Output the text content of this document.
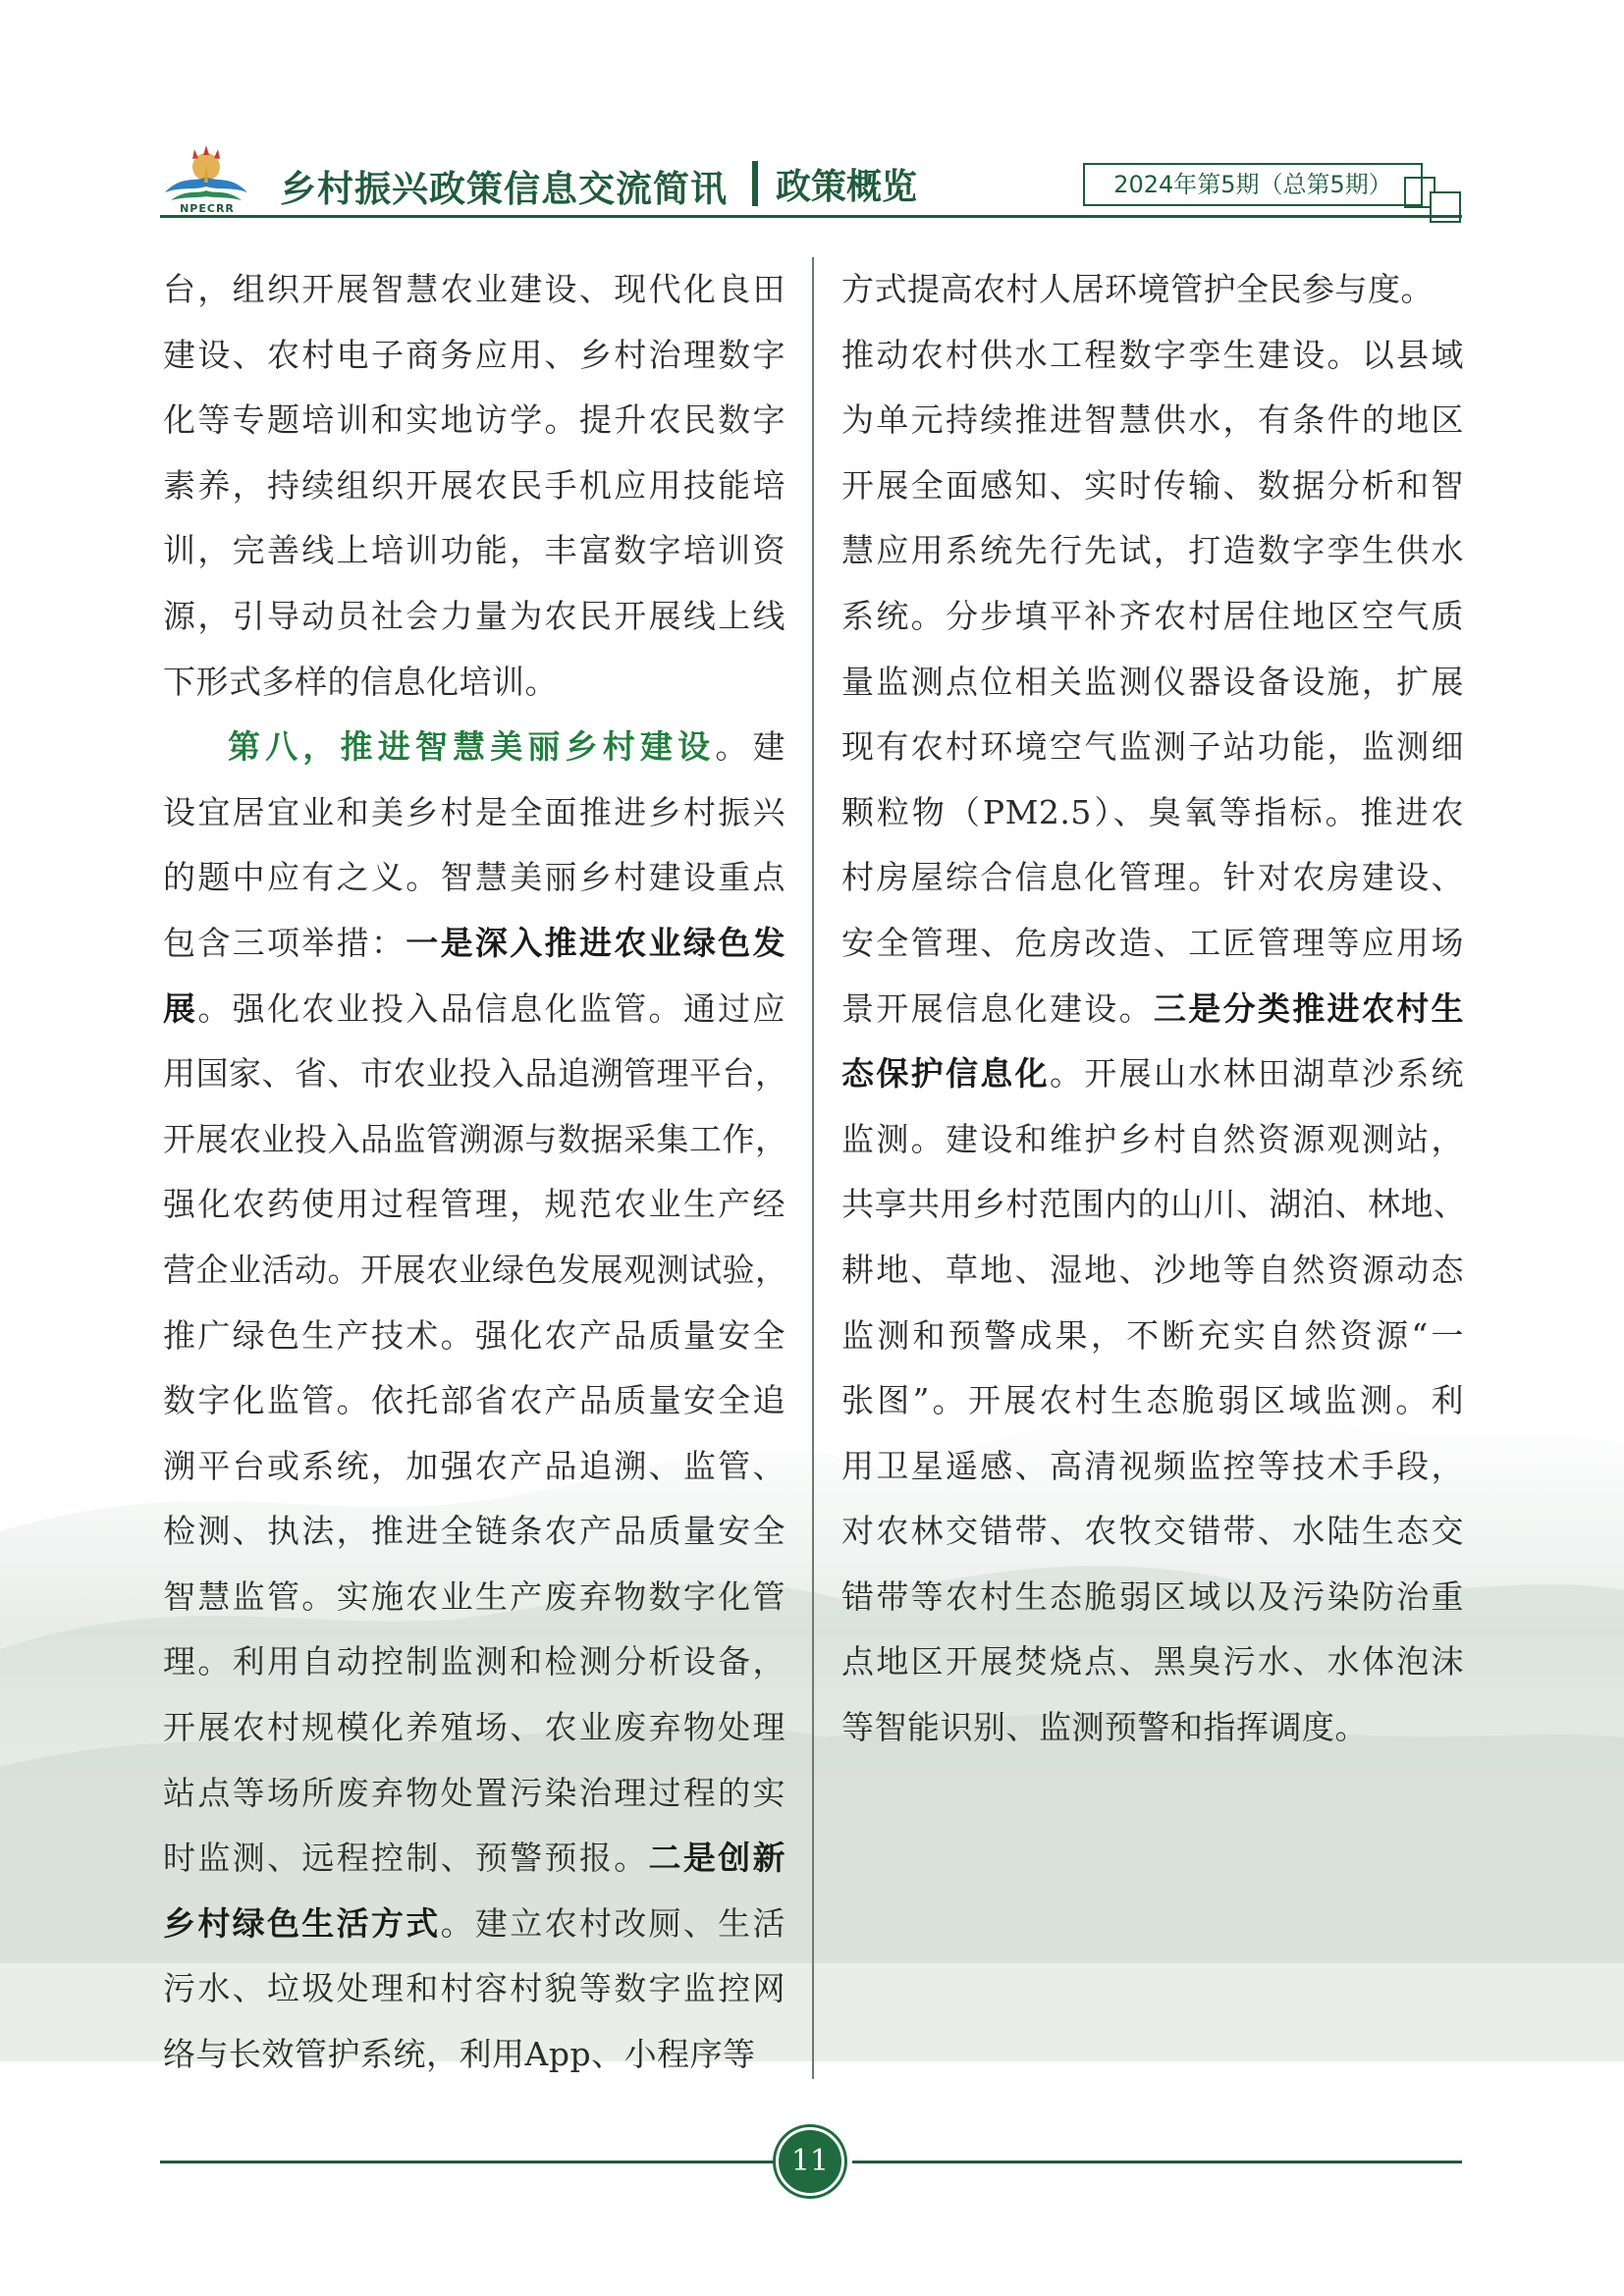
NPECRR	乡村振兴政策信息交流简讯 政策概览	2024年第5期（总第5期）
台，组织开展智慧农业建设、现代化良田
建设、农村电子商务应用、乡村治理数字
化等专题培训和实地访学。提升农民数字
素养，持续组织开展农民手机应用技能培
训，完善线上培训功能，丰富数字培训资
源，引导动员社会力量为农民开展线上线
下形式多样的信息化培训。
第八，推进智慧美丽乡村建设。建
设宜居宜业和美乡村是全面推进乡村振兴
的题中应有之义。智慧美丽乡村建设重点
包含三项举措：一是深入推进农业绿色发
展。强化农业投入品信息化监管。通过应
用国家、省、市农业投入品追溯管理平台，
开展农业投入品监管溯源与数据采集工作，
强化农药使用过程管理，规范农业生产经
营企业活动。开展农业绿色发展观测试验，
推广绿色生产技术。强化农产品质量安全
数字化监管。依托部省农产品质量安全追
溯平台或系统，加强农产品追溯、监管、
检测、执法，推进全链条农产品质量安全
智慧监管。实施农业生产废弃物数字化管
理。利用自动控制监测和检测分析设备，
开展农村规模化养殖场、农业废弃物处理
站点等场所废弃物处置污染治理过程的实
时监测、远程控制、预警预报。二是创新
乡村绿色生活方式。建立农村改厕、生活
污水、垃圾处理和村容村貌等数字监控网
络与长效管护系统，利用App、小程序等
方式提高农村人居环境管护全民参与度。
推动农村供水工程数字孪生建设。以县域
为单元持续推进智慧供水，有条件的地区
开展全面感知、实时传输、数据分析和智
慧应用系统先行先试，打造数字孪生供水
系统。分步填平补齐农村居住地区空气质
量监测点位相关监测仪器设备设施，扩展
现有农村环境空气监测子站功能，监测细
颗粒物（PM2.5）、臭氧等指标。推进农
村房屋综合信息化管理。针对农房建设、
安全管理、危房改造、工匠管理等应用场
景开展信息化建设。三是分类推进农村生
态保护信息化。开展山水林田湖草沙系统
监测。建设和维护乡村自然资源观测站，
共享共用乡村范围内的山川、湖泊、林地、
耕地、草地、湿地、沙地等自然资源动态
监测和预警成果，不断充实自然资源“一
张图”。开展农村生态脆弱区域监测。利
用卫星遥感、高清视频监控等技术手段，
对农林交错带、农牧交错带、水陆生态交
错带等农村生态脆弱区域以及污染防治重
点地区开展焚烧点、黑臭污水、水体泡沫
等智能识别、监测预警和指挥调度。
11
